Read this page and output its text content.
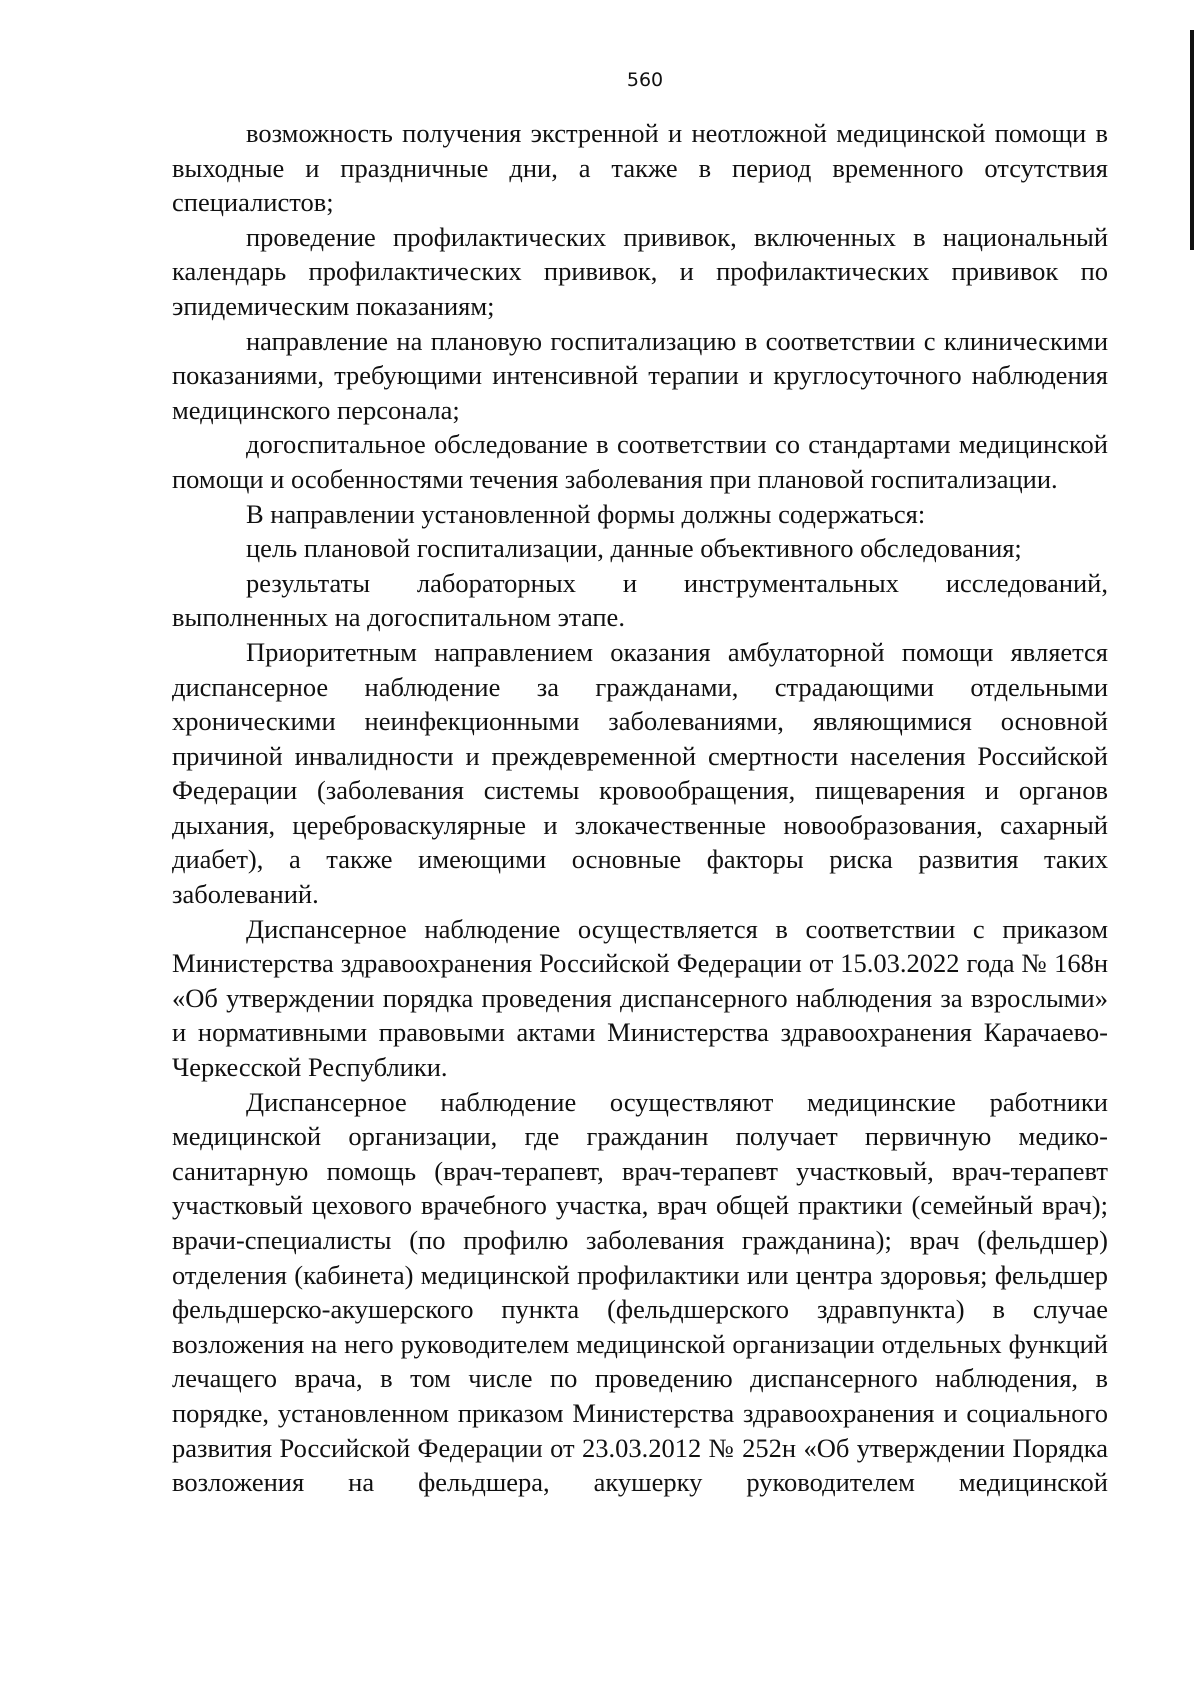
560

возможность получения экстренной и неотложной медицинской помощи в выходные и праздничные дни, а также в период временного отсутствия специалистов;

проведение профилактических прививок, включенных в национальный календарь профилактических прививок, и профилактических прививок по эпидемическим показаниям;

направление на плановую госпитализацию в соответствии с клиническими показаниями, требующими интенсивной терапии и круглосуточного наблюдения медицинского персонала;

догоспитальное обследование в соответствии со стандартами медицинской помощи и особенностями течения заболевания при плановой госпитализации.

В направлении установленной формы должны содержаться:

цель плановой госпитализации, данные объективного обследования;

результаты лабораторных и инструментальных исследований, выполненных на догоспитальном этапе.

Приоритетным направлением оказания амбулаторной помощи является диспансерное наблюдение за гражданами, страдающими отдельными хроническими неинфекционными заболеваниями, являющимися основной причиной инвалидности и преждевременной смертности населения Российской Федерации (заболевания системы кровообращения, пищеварения и органов дыхания, цереброваскулярные и злокачественные новообразования, сахарный диабет), а также имеющими основные факторы риска развития таких заболеваний.

Диспансерное наблюдение осуществляется в соответствии с приказом Министерства здравоохранения Российской Федерации от 15.03.2022 года № 168н «Об утверждении порядка проведения диспансерного наблюдения за взрослыми» и нормативными правовыми актами Министерства здравоохранения Карачаево-Черкесской Республики.

Диспансерное наблюдение осуществляют медицинские работники медицинской организации, где гражданин получает первичную медико-санитарную помощь (врач-терапевт, врач-терапевт участковый, врач-терапевт участковый цехового врачебного участка, врач общей практики (семейный врач); врачи-специалисты (по профилю заболевания гражданина); врач (фельдшер) отделения (кабинета) медицинской профилактики или центра здоровья; фельдшер фельдшерско-акушерского пункта (фельдшерского здравпункта) в случае возложения на него руководителем медицинской организации отдельных функций лечащего врача, в том числе по проведению диспансерного наблюдения, в порядке, установленном приказом Министерства здравоохранения и социального развития Российской Федерации от 23.03.2012 № 252н «Об утверждении Порядка возложения на фельдшера, акушерку руководителем медицинской
